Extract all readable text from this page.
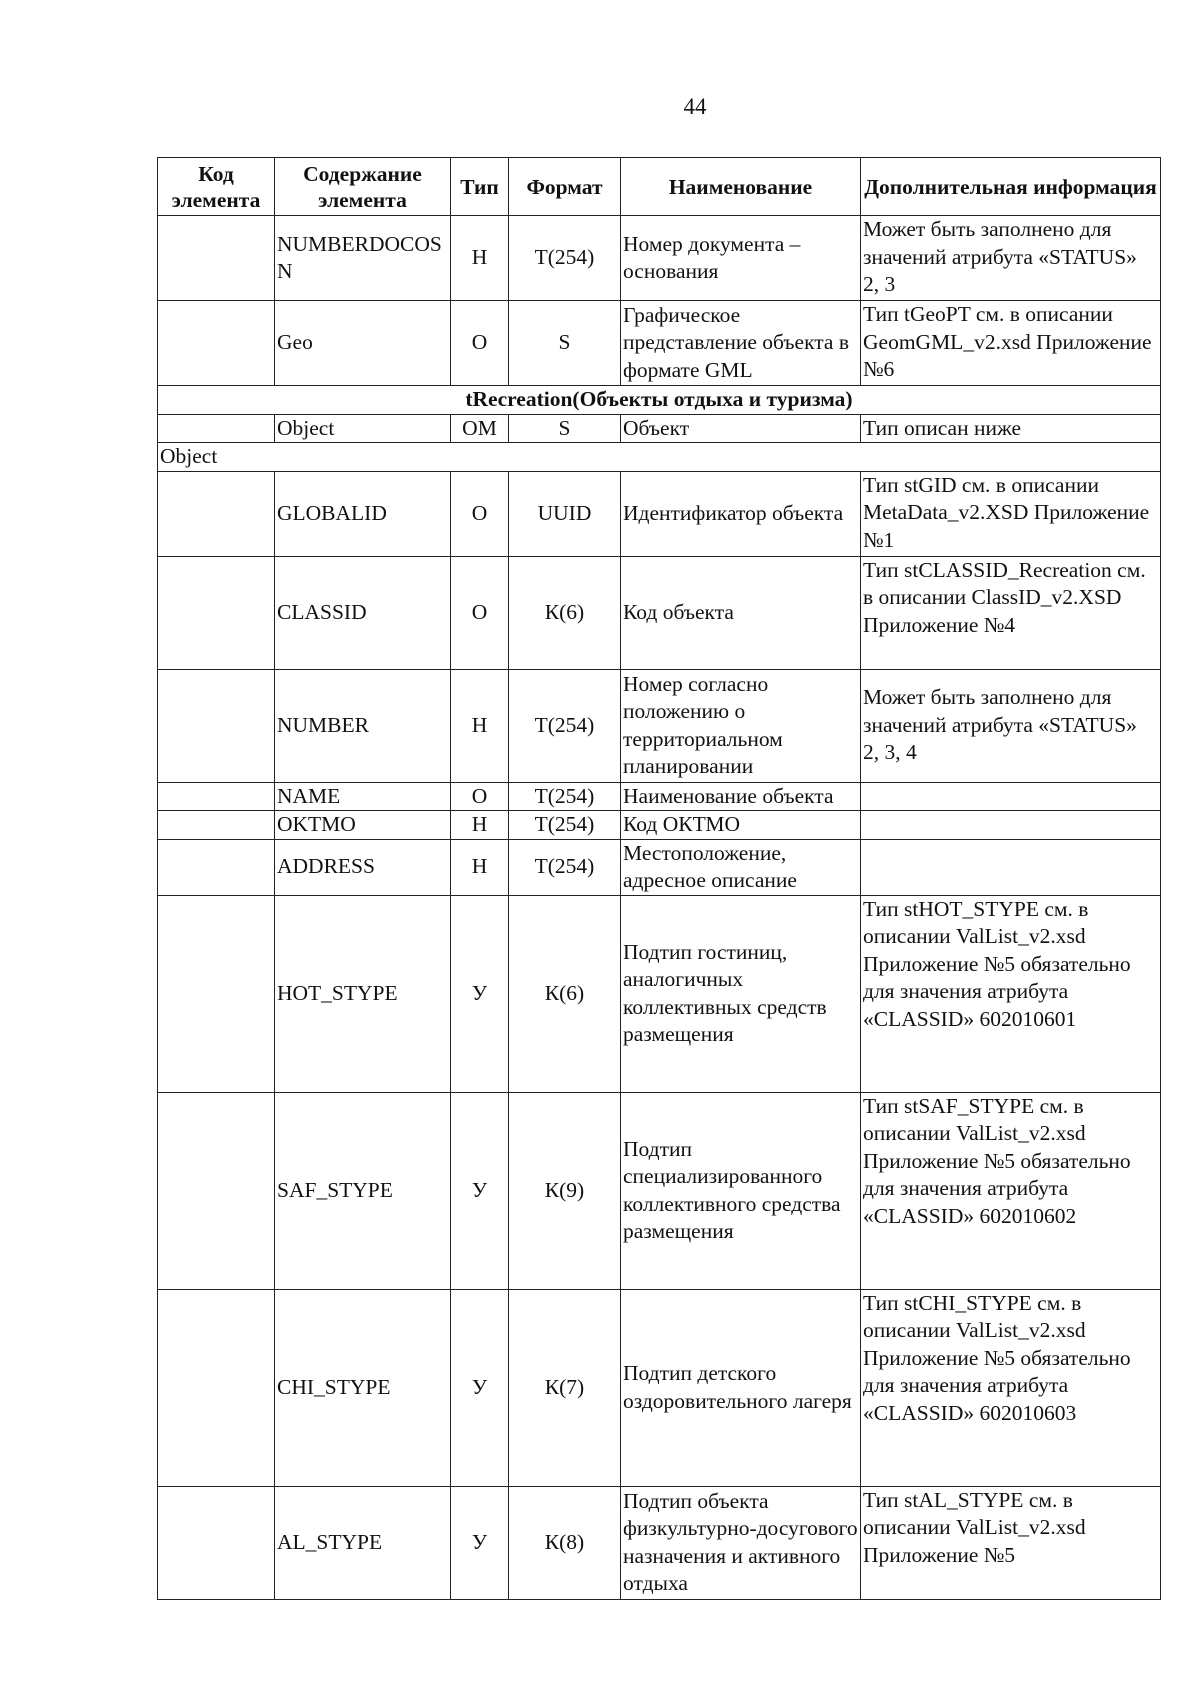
44
Код элемента	Содержание элемента	Тип	Формат	Наименование	Дополнительная информация
	NUMBERDOCOSN	Н	Т(254)	Номер документа – основания	Может быть заполнено для значений атрибута «STATUS» 2, 3
	Geo	О	S	Графическое представление объекта в формате GML	Тип tGeoPT см. в описании GeomGML_v2.xsd Приложение №6
tRecreation(Объекты отдыха и туризма)					
	Object	ОМ	S	Объект	Тип описан ниже
Object					
	GLOBALID	О	UUID	Идентификатор объекта	Тип stGID см. в описании MetaData_v2.XSD Приложение №1
	CLASSID	О	К(6)	Код объекта	Тип stCLASSID_Recreation см. в описании ClassID_v2.XSD Приложение №4
	NUMBER	Н	Т(254)	Номер согласно положению о территориальном планировании	Может быть заполнено для значений атрибута «STATUS» 2, 3, 4
	NAME	О	Т(254)	Наименование объекта	
	OKTMO	Н	Т(254)	Код ОКТМО	
	ADDRESS	Н	Т(254)	Местоположение, адресное описание	
	HOT_STYPE	У	К(6)	Подтип гостиниц, аналогичных коллективных средств размещения	Тип stHOT_STYPE см. в описании ValList_v2.xsd Приложение №5 обязательно для значения атрибута «CLASSID» 602010601
	SAF_STYPE	У	К(9)	Подтип специализированного коллективного средства размещения	Тип stSAF_STYPE см. в описании ValList_v2.xsd Приложение №5 обязательно для значения атрибута «CLASSID» 602010602
	CHI_STYPE	У	К(7)	Подтип детского оздоровительного лагеря	Тип stCHI_STYPE см. в описании ValList_v2.xsd Приложение №5 обязательно для значения атрибута «CLASSID» 602010603
	AL_STYPE	У	К(8)	Подтип объекта физкультурно-досугового назначения и активного отдыха	Тип stAL_STYPE см. в описании ValList_v2.xsd Приложение №5
